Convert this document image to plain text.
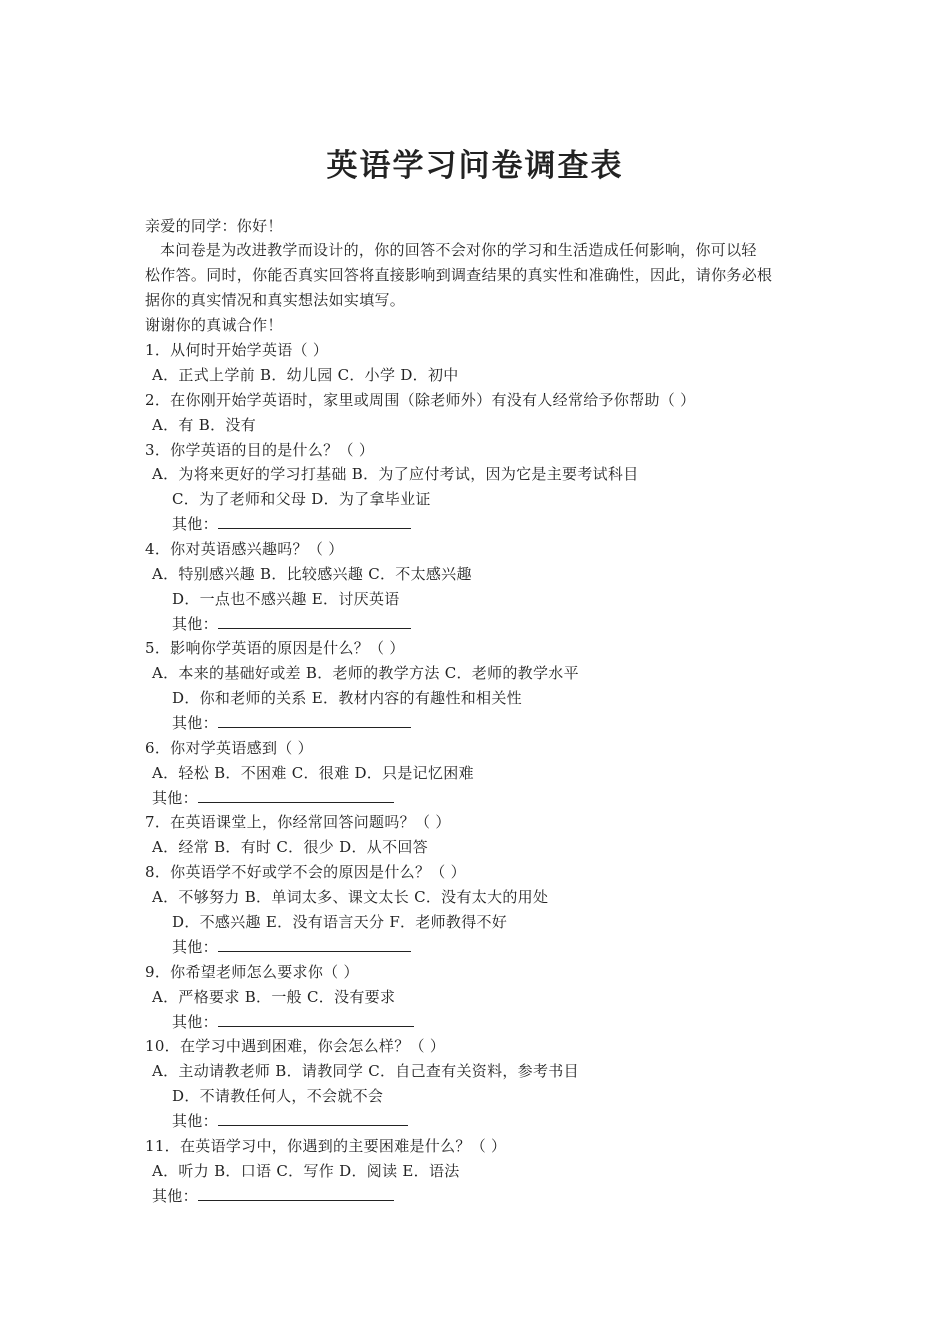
英语学习问卷调查表
亲爱的同学：你好！
本问卷是为改进教学而设计的，你的回答不会对你的学习和生活造成任何影响，你可以轻
松作答。同时，你能否真实回答将直接影响到调查结果的真实性和准确性，因此，请你务必根
据你的真实情况和真实想法如实填写。
谢谢你的真诚合作！
1．从何时开始学英语（ ）
A．正式上学前 B．幼儿园 C．小学 D．初中
2．在你刚开始学英语时，家里或周围（除老师外）有没有人经常给予你帮助（ ）
A．有 B．没有
3．你学英语的目的是什么？（ ）
A．为将来更好的学习打基础 B．为了应付考试，因为它是主要考试科目
C．为了老师和父母 D．为了拿毕业证
其他：
4．你对英语感兴趣吗？（ ）
A．特别感兴趣 B．比较感兴趣 C．不太感兴趣
D．一点也不感兴趣 E．讨厌英语
其他：
5．影响你学英语的原因是什么？（ ）
A．本来的基础好或差 B．老师的教学方法 C．老师的教学水平
D．你和老师的关系 E．教材内容的有趣性和相关性
其他：
6．你对学英语感到（ ）
A．轻松 B．不困难 C．很难 D．只是记忆困难
其他：
7．在英语课堂上，你经常回答问题吗？（ ）
A．经常 B．有时 C．很少 D．从不回答
8．你英语学不好或学不会的原因是什么？（ ）
A．不够努力 B．单词太多、课文太长 C．没有太大的用处
D．不感兴趣 E．没有语言天分 F．老师教得不好
其他：
9．你希望老师怎么要求你（ ）
A．严格要求 B．一般 C．没有要求
其他：
10．在学习中遇到困难，你会怎么样？（ ）
A．主动请教老师 B．请教同学 C．自己查有关资料，参考书目
D．不请教任何人，不会就不会
其他：
11．在英语学习中，你遇到的主要困难是什么？（ ）
A．听力 B．口语 C．写作 D．阅读 E．语法
其他：
